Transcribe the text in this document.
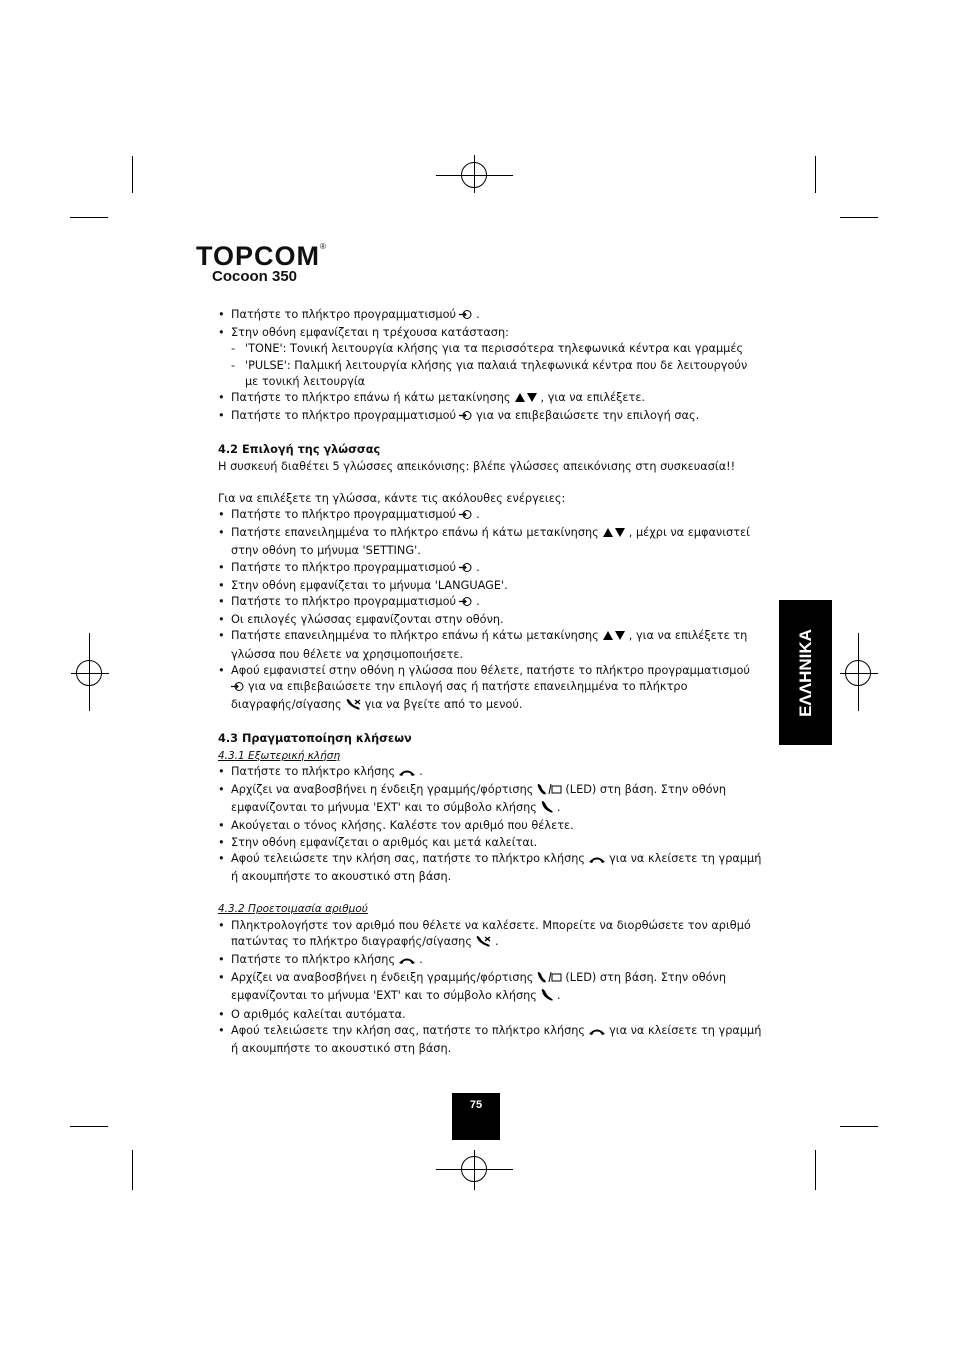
TOPCOM®
Cocoon 350
• Πατήστε το πλήκτρο προγραμματισμού .
• Στην οθόνη εμφανίζεται η τρέχουσα κατάσταση:
- 'TONE': Τονική λειτουργία κλήσης για τα περισσότερα τηλεφωνικά κέντρα και γραμμές
- 'PULSE': Παλμική λειτουργία κλήσης για παλαιά τηλεφωνικά κέντρα που δε λειτουργούν με τονική λειτουργία
• Πατήστε το πλήκτρο επάνω ή κάτω μετακίνησης	, για να επιλέξετε.
• Πατήστε το πλήκτρο προγραμματισμού για να επιβεβαιώσετε την επιλογή σας.
4.2 Επιλογή της γλώσσας
Η συσκευή διαθέτει 5 γλώσσες απεικόνισης: βλέπε γλώσσες απεικόνισης στη συσκευασία!!
Για να επιλέξετε τη γλώσσα, κάντε τις ακόλουθες ενέργειες:
• Πατήστε το πλήκτρο προγραμματισμού .
• Πατήστε επανειλημμένα το πλήκτρο επάνω ή κάτω μετακίνησης	, μέχρι να εμφανιστεί
στην οθόνη το μήνυμα 'SETTING'.
• Πατήστε το πλήκτρο προγραμματισμού .
• Στην οθόνη εμφανίζεται το μήνυμα 'LANGUAGE'.
• Πατήστε το πλήκτρο προγραμματισμού .
• Οι επιλογές γλώσσας εμφανίζονται στην οθόνη.
• Πατήστε επανειλημμένα το πλήκτρο επάνω ή κάτω μετακίνησης	, για να επιλέξετε τη
γλώσσα που θέλετε να χρησιμοποιήσετε.
• Αφού εμφανιστεί στην οθόνη η γλώσσα που θέλετε, πατήστε το πλήκτρο προγραμματισμού
για να επιβεβαιώσετε την επιλογή σας ή πατήστε επανειλημμένα το πλήκτρο
διαγραφής/σίγασης για να βγείτε από το μενού.
4.3 Πραγματοποίηση κλήσεων
4.3.1 Εξωτερική κλήση
• Πατήστε το πλήκτρο κλήσης .
• Αρχίζει να αναβοσβήνει η ένδειξη γραμμής/φόρτισης	(LED) στη βάση. Στην οθόνη
εμφανίζονται το μήνυμα 'EXT' και το σύμβολο κλήσης .
• Ακούγεται ο τόνος κλήσης. Καλέστε τον αριθμό που θέλετε.
• Στην οθόνη εμφανίζεται ο αριθμός και μετά καλείται.
• Αφού τελειώσετε την κλήση σας, πατήστε το πλήκτρο κλήσης για να κλείσετε τη γραμμή
ή ακουμπήστε το ακουστικό στη βάση.
4.3.2 Προετοιμασία αριθμού
• Πληκτρολογήστε τον αριθμό που θέλετε να καλέσετε. Μπορείτε να διορθώσετε τον αριθμό
πατώντας το πλήκτρο διαγραφής/σίγασης .
• Πατήστε το πλήκτρο κλήσης .
• Αρχίζει να αναβοσβήνει η ένδειξη γραμμής/φόρτισης	(LED) στη βάση. Στην οθόνη
εμφανίζονται το μήνυμα 'EXT' και το σύμβολο κλήσης .
• Ο αριθμός καλείται αυτόματα.
• Αφού τελειώσετε την κλήση σας, πατήστε το πλήκτρο κλήσης για να κλείσετε τη γραμμή
ή ακουμπήστε το ακουστικό στη βάση.
ΕΛΛΗΝΙΚΑ
75
